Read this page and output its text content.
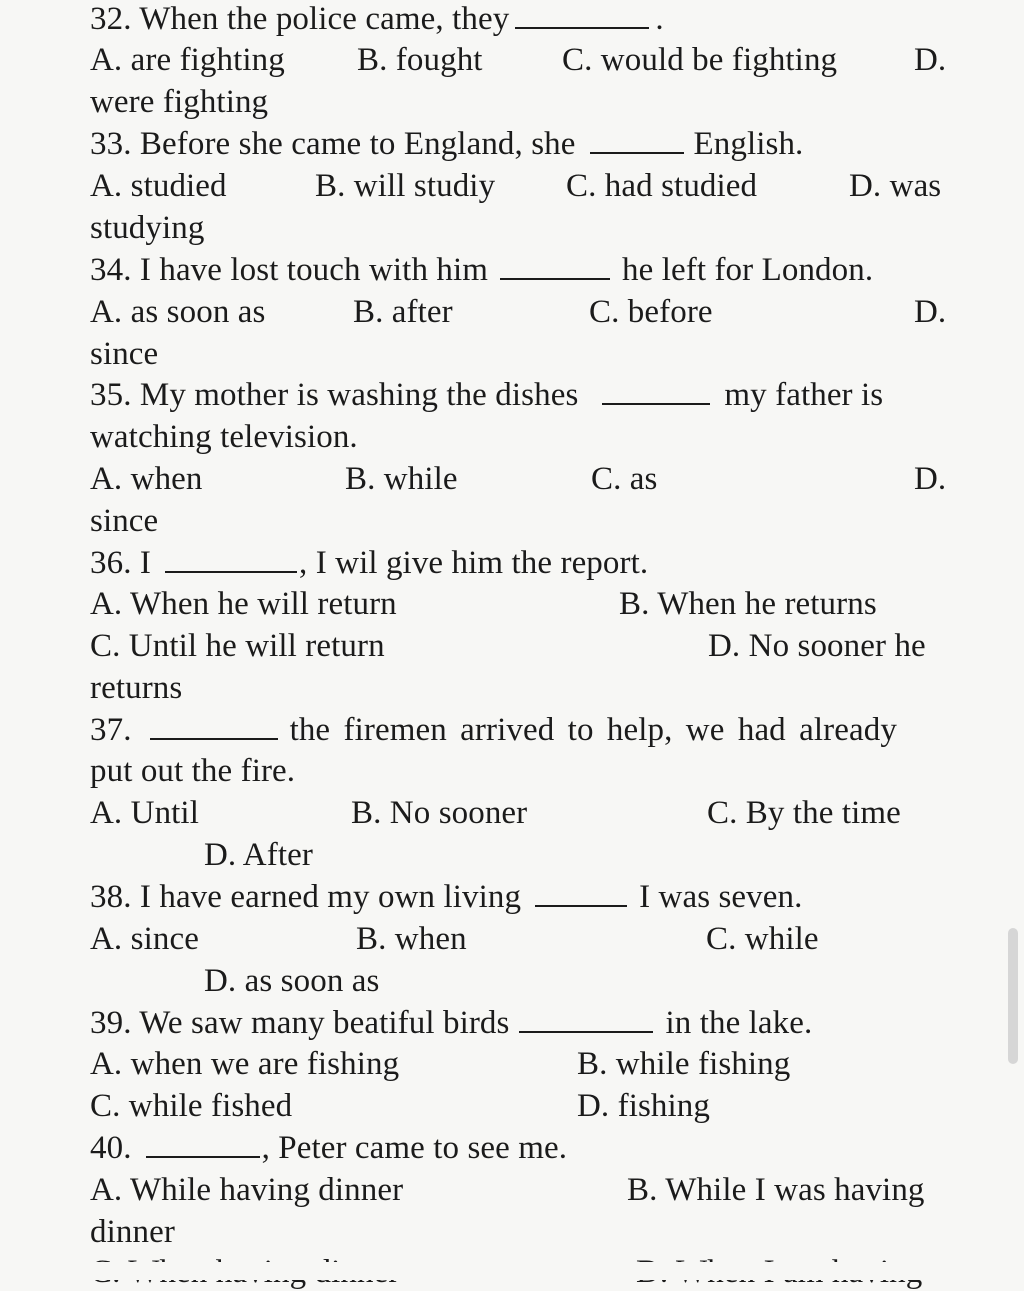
32. When the police came, they	.
A. are fighting B. fought C. would be fighting D.
were fighting
33. Before she came to England, she	English.
A. studied	B. will studiy C. had studied	D. was
studying
34. I have lost touch with him	he left for London.
A. as soon as	B. after	C. before	D.
since
35. My mother is washing the dishes	my father is
watching television.
A. when	B. while	C. as	D.
since
36. I	, I wil give him the report.
A. When he will return	B. When he returns
C. Until he will return	D. No sooner he
returns
37.	the firemen arrived to help, we had already
put out the fire.
A. Until	B. No sooner	C. By the time
D. After
38. I have earned my own living	I was seven.
A. since	B. when	C. while
D. as soon as
39. We saw many beatiful birds	in the lake.
A. when we are fishing	B. while fishing
C. while fished	D. fishing
40.	, Peter came to see me.
A. While having dinner	B. While I was having
dinner
